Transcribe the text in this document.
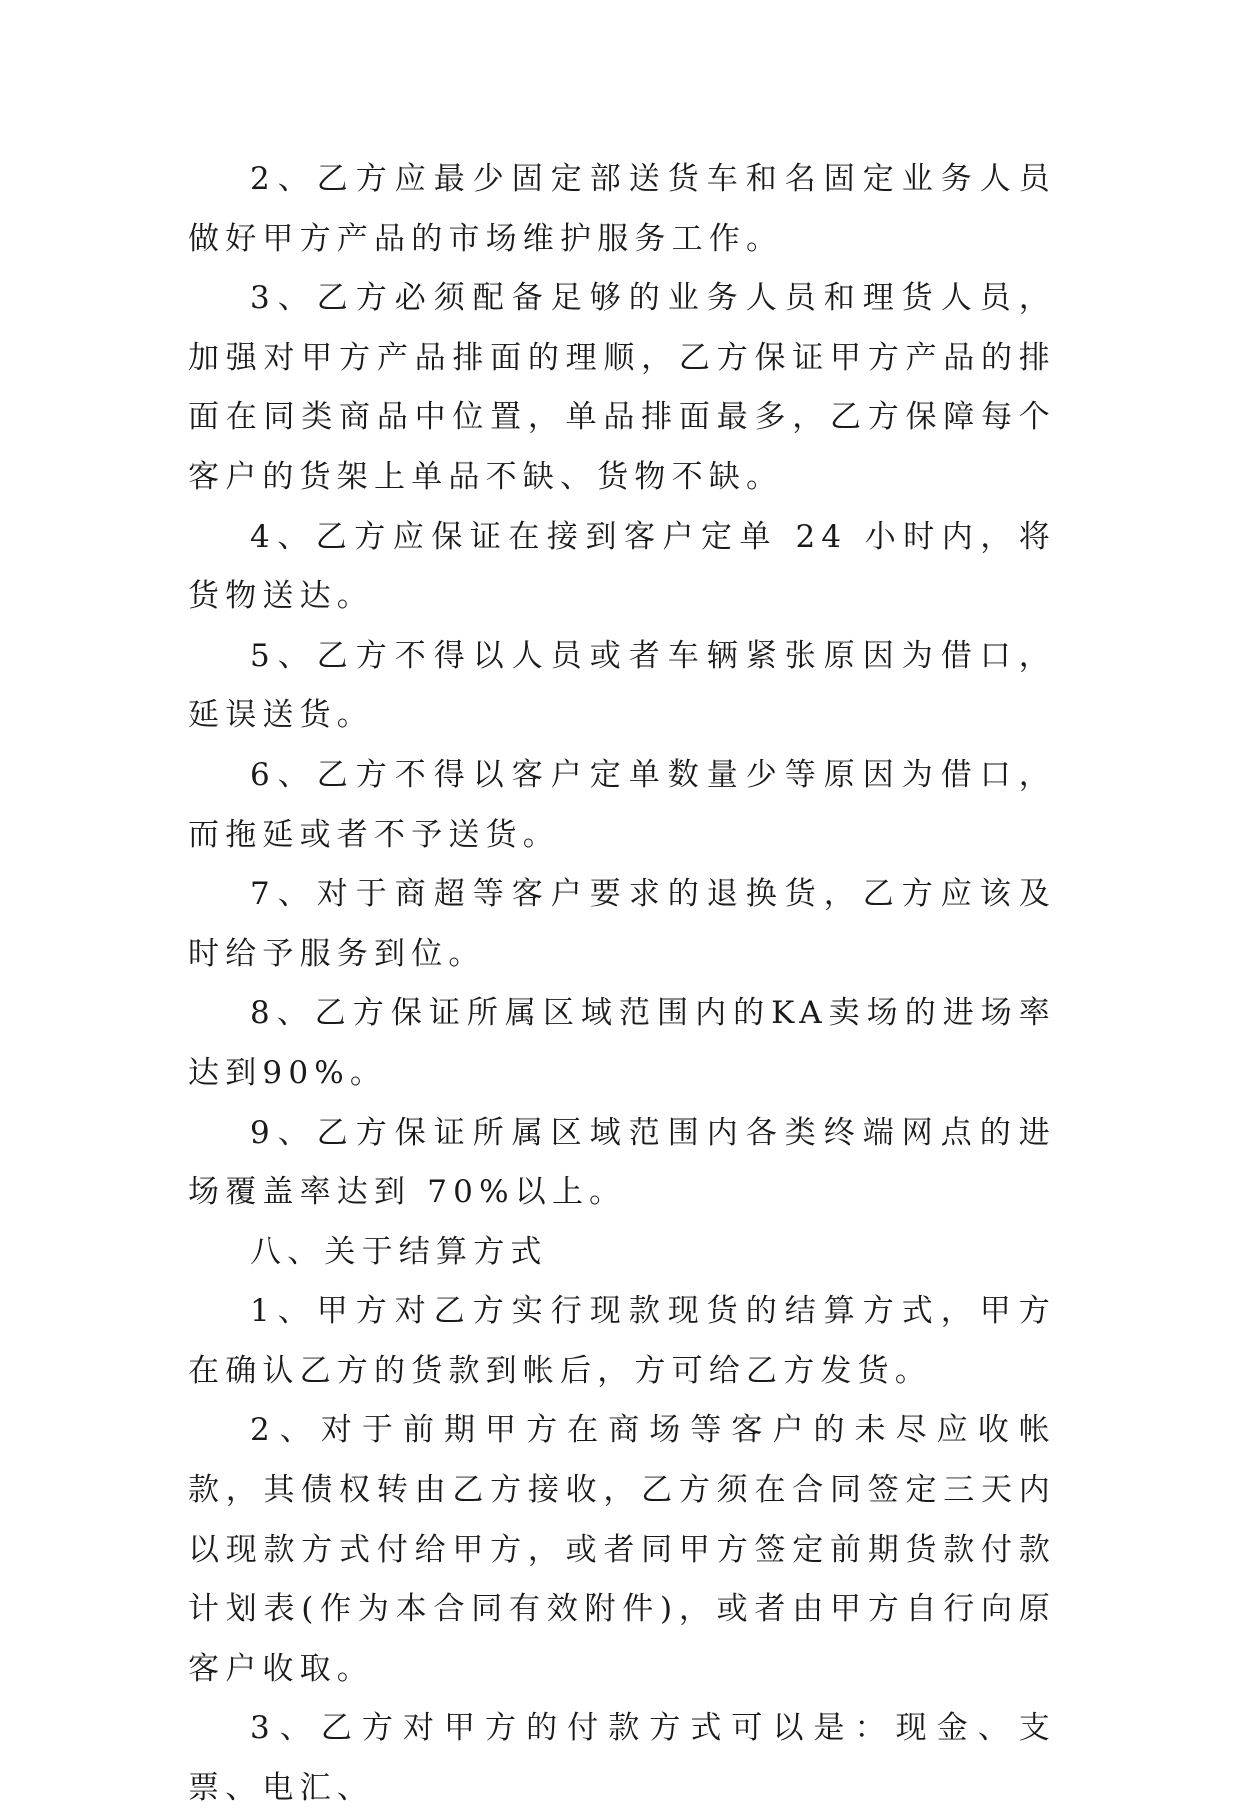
2、乙方应最少固定部送货车和名固定业务人员做好甲方产品的市场维护服务工作。

3、乙方必须配备足够的业务人员和理货人员，加强对甲方产品排面的理顺，乙方保证甲方产品的排面在同类商品中位置，单品排面最多，乙方保障每个客户的货架上单品不缺、货物不缺。

4、乙方应保证在接到客户定单 24 小时内，将货物送达。

5、乙方不得以人员或者车辆紧张原因为借口，延误送货。

6、乙方不得以客户定单数量少等原因为借口，而拖延或者不予送货。

7、对于商超等客户要求的退换货，乙方应该及时给予服务到位。

8、乙方保证所属区域范围内的KA卖场的进场率达到90%。

9、乙方保证所属区域范围内各类终端网点的进场覆盖率达到 70%以上。

八、关于结算方式

1、甲方对乙方实行现款现货的结算方式，甲方在确认乙方的货款到帐后，方可给乙方发货。

2、对于前期甲方在商场等客户的未尽应收帐款，其债权转由乙方接收，乙方须在合同签定三天内以现款方式付给甲方，或者同甲方签定前期货款付款计划表(作为本合同有效附件)，或者由甲方自行向原客户收取。

3、乙方对甲方的付款方式可以是：现金、支票、电汇、
